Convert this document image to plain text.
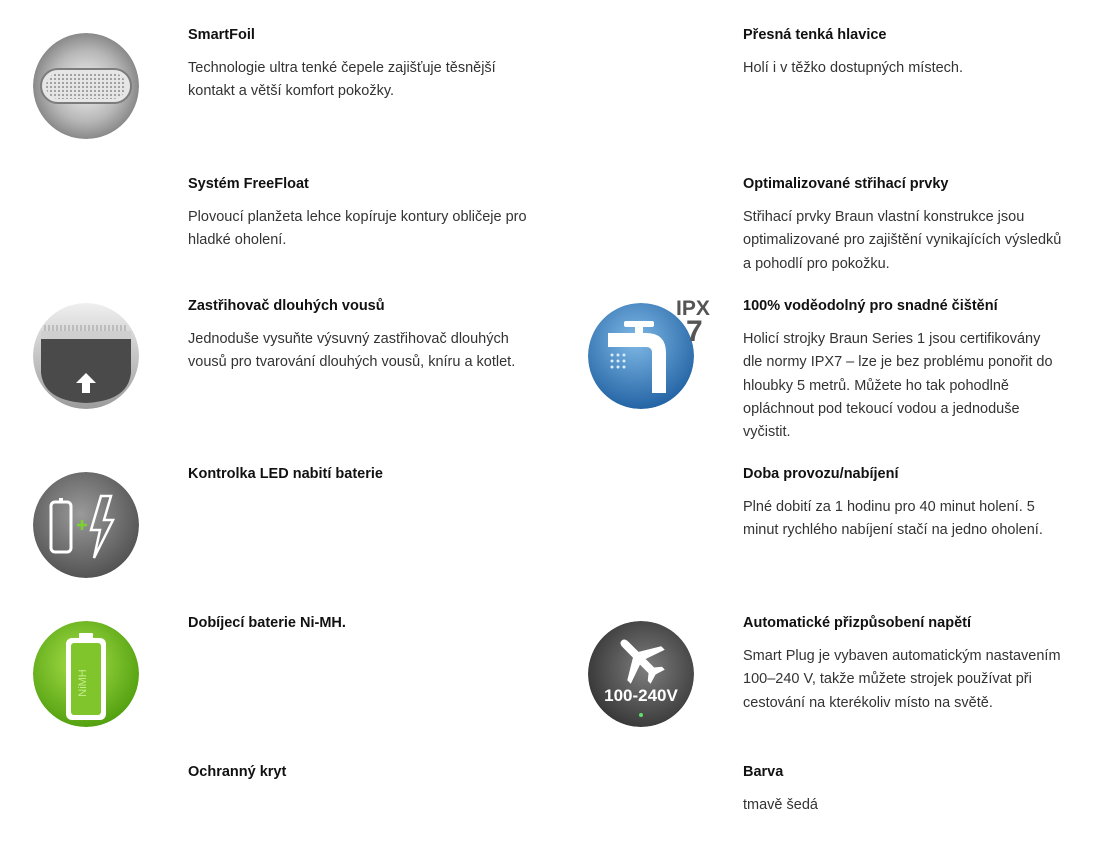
NiMH
IPX
7
100-240V
SmartFoil

Technologie ultra tenké čepele zajišťuje těsnější kontakt a větší komfort pokožky.

Systém FreeFloat

Plovoucí planžeta lehce kopíruje kontury obličeje pro hladké oholení.

Zastřihovač dlouhých vousů

Jednoduše vysuňte výsuvný zastřihovač dlouhých vousů pro tvarování dlouhých vousů, kníru a kotlet.

Kontrolka LED nabití baterie

Dobíjecí baterie Ni-MH.

Ochranný kryt

Přesná tenká hlavice

Holí i v těžko dostupných místech.

Optimalizované střihací prvky

Střihací prvky Braun vlastní konstrukce jsou optimalizované pro zajištění vynikajících výsledků a pohodlí pro pokožku.

100% voděodolný pro snadné čištění

Holicí strojky Braun Series 1 jsou certifikovány dle normy IPX7 – lze je bez problému ponořit do hloubky 5 metrů. Můžete ho tak pohodlně opláchnout pod tekoucí vodou a jednoduše vyčistit.

Doba provozu/nabíjení

Plné dobití za 1 hodinu pro 40 minut holení. 5 minut rychlého nabíjení stačí na jedno oholení.

Automatické přizpůsobení napětí

Smart Plug je vybaven automatickým nastavením 100–240 V, takže můžete strojek používat při cestování na kterékoliv místo na světě.

Barva

tmavě šedá
